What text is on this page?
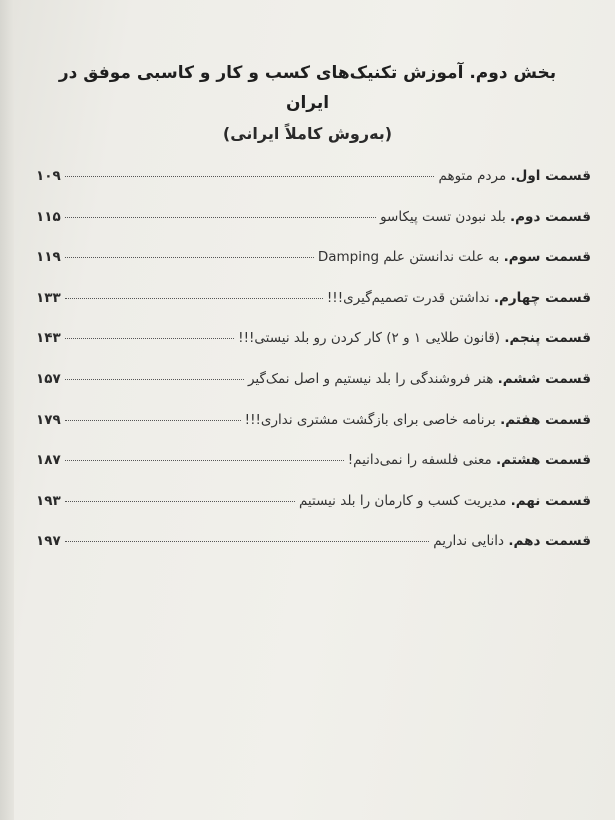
بخش دوم. آموزش تکنیک‌های کسب و کار و کاسبی موفق در ایران

(به‌روش کاملاً ایرانی)

قسمت اول. مردم متوهم
۱۰۹
قسمت دوم. بلد نبودن تست پیکاسو
۱۱۵
قسمت سوم. به علت ندانستن علم Damping
۱۱۹
قسمت چهارم. نداشتن قدرت تصمیم‌گیری!!!
۱۳۳
قسمت پنجم. (قانون طلایی ۱ و ۲) کار کردن رو بلد نیستی!!!
۱۴۳
قسمت ششم. هنر فروشندگی را بلد نیستیم و اصل نمک‌گیر
۱۵۷
قسمت هفتم. برنامه خاصی برای بازگشت مشتری نداری!!!
۱۷۹
قسمت هشتم. معنی فلسفه را نمی‌دانیم!
۱۸۷
قسمت نهم. مدیریت کسب و کارمان را بلد نیستیم
۱۹۳
قسمت دهم. دانایی نداریم
۱۹۷
